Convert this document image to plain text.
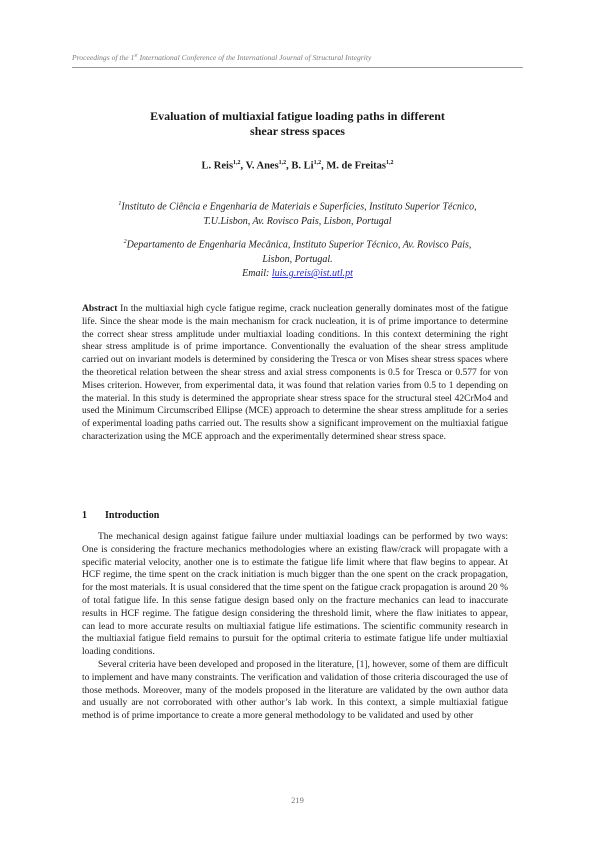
Proceedings of the 1st International Conference of the International Journal of Structural Integrity
Evaluation of multiaxial fatigue loading paths in different
shear stress spaces
L. Reis$^{1,2}$, V. Anes$^{1,2}$, B. Li$^{1,2}$, M. de Freitas$^{1,2}$
$^1$Instituto de Ciência e Engenharia de Materiais e Superfícies, Instituto Superior Técnico,
T.U.Lisbon, Av. Rovisco Pais, Lisbon, Portugal
$^2$Departamento de Engenharia Mecânica, Instituto Superior Técnico, Av. Rovisco Pais,
Lisbon, Portugal.
Email: luis.g.reis@ist.utl.pt
Abstract In the multiaxial high cycle fatigue regime, crack nucleation generally dominates most of the fatigue life. Since the shear mode is the main mechanism for crack nucleation, it is of prime importance to determine the correct shear stress amplitude under multiaxial loading conditions. In this context determining the right shear stress amplitude is of prime importance. Conventionally the evaluation of the shear stress amplitude carried out on invariant models is determined by considering the Tresca or von Mises shear stress spaces where the theoretical relation between the shear stress and axial stress components is 0.5 for Tresca or 0.577 for von Mises criterion. However, from experimental data, it was found that relation varies from 0.5 to 1 depending on the material. In this study is determined the appropriate shear stress space for the structural steel 42CrMo4 and used the Minimum Circumscribed Ellipse (MCE) approach to determine the shear stress amplitude for a series of experimental loading paths carried out. The results show a significant improvement on the multiaxial fatigue characterization using the MCE approach and the experimentally determined shear stress space.
1 Introduction
The mechanical design against fatigue failure under multiaxial loadings can be performed by two ways: One is considering the fracture mechanics methodologies where an existing flaw/crack will propagate with a specific material velocity, another one is to estimate the fatigue life limit where that flaw begins to appear. At HCF regime, the time spent on the crack initiation is much bigger than the one spent on the crack propagation, for the most materials. It is usual considered that the time spent on the fatigue crack propagation is around 20 % of total fatigue life. In this sense fatigue design based only on the fracture mechanics can lead to inaccurate results in HCF regime. The fatigue design considering the threshold limit, where the flaw initiates to appear, can lead to more accurate results on multiaxial fatigue life estimations. The scientific community research in the multiaxial fatigue field remains to pursuit for the optimal criteria to estimate fatigue life under multiaxial loading conditions.
Several criteria have been developed and proposed in the literature, [1], however, some of them are difficult to implement and have many constraints. The verification and validation of those criteria discouraged the use of those methods. Moreover, many of the models proposed in the literature are validated by the own author data and usually are not corroborated with other author’s lab work. In this context, a simple multiaxial fatigue method is of prime importance to create a more general methodology to be validated and used by other
219
